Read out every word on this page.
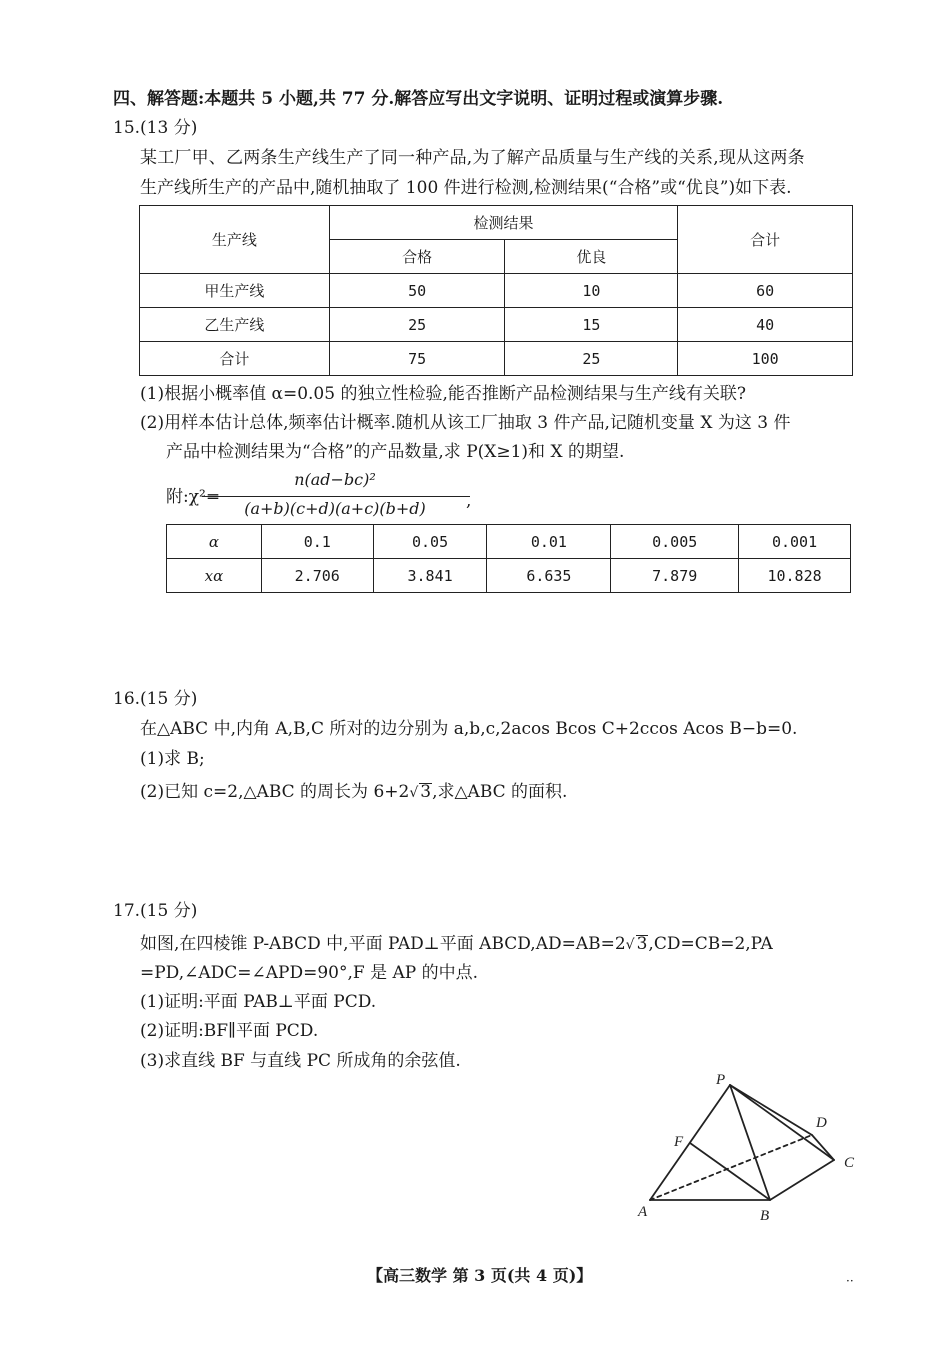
四、解答题:本题共 5 小题,共 77 分.解答应写出文字说明、证明过程或演算步骤.
15.(13 分)
某工厂甲、乙两条生产线生产了同一种产品,为了解产品质量与生产线的关系,现从这两条
生产线所生产的产品中,随机抽取了 100 件进行检测,检测结果(“合格”或“优良”)如下表.
生产线	检测结果		合计
	合格	优良	
甲生产线	50	10	60
乙生产线	25	15	40
合计	75	25	100
(1)根据小概率值 α=0.05 的独立性检验,能否推断产品检测结果与生产线有关联?
(2)用样本估计总体,频率估计概率.随机从该工厂抽取 3 件产品,记随机变量 X 为这 3 件
产品中检测结果为“合格”的产品数量,求 P(X≥1)和 X 的期望.
附:χ²=
n(ad−bc)²
(a+b)(c+d)(a+c)(b+d)	,
α	0.1	0.05	0.01	0.005	0.001
xα	2.706	3.841	6.635	7.879	10.828
16.(15 分)
在△ABC 中,内角 A,B,C 所对的边分别为 a,b,c,2acos Bcos C+2ccos Acos B−b=0.
(1)求 B;
(2)已知 c=2,△ABC 的周长为 6+2√ 3,求△ABC 的面积.
17.(15 分)
如图,在四棱锥 P-ABCD 中,平面 PAD⊥平面 ABCD,AD=AB=2√ 3,CD=CB=2,PA
=PD,∠ADC=∠APD=90°,F 是 AP 的中点.
(1)证明:平面 PAB⊥平面 PCD.
(2)证明:BF∥平面 PCD.
(3)求直线 BF 与直线 PC 所成角的余弦值.
P
D
F
C
A	B
【高三数学 第 3 页(共 4 页)】	··
